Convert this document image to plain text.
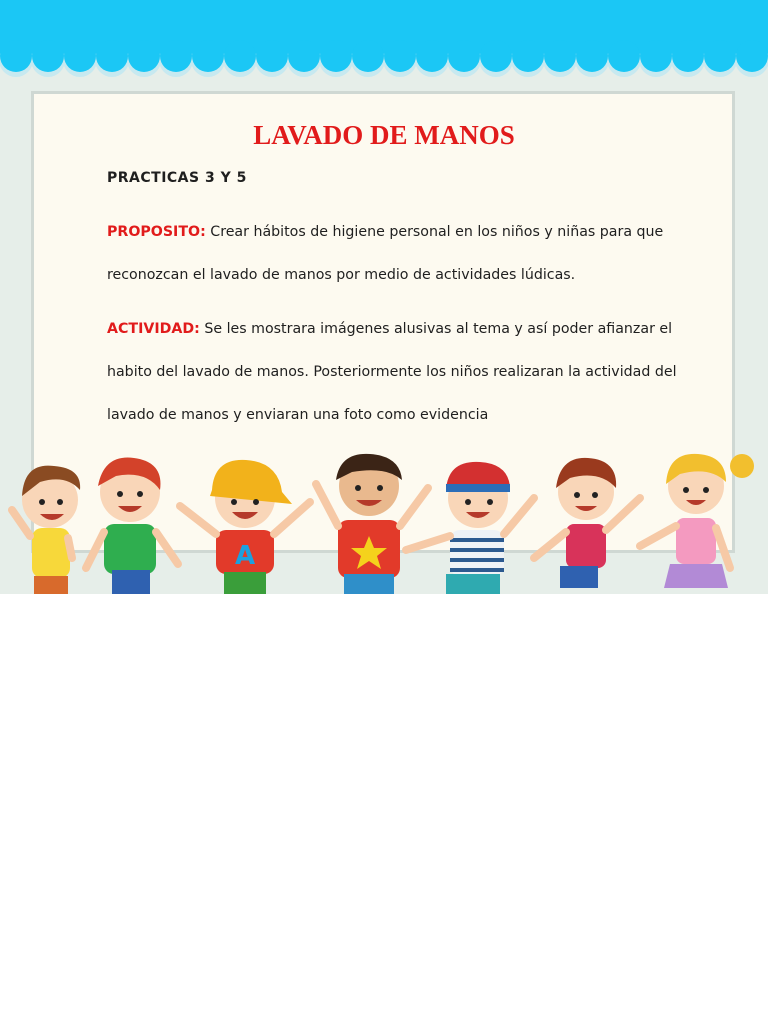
LAVADO DE MANOS
PRACTICAS 3 Y 5
PROPOSITO: Crear hábitos de higiene personal en los niños y niñas para que
reconozcan el lavado de manos por medio de actividades lúdicas.
ACTIVIDAD: Se les mostrara imágenes alusivas al tema y así poder afianzar el
habito del lavado de manos. Posteriormente los niños realizaran la actividad del
lavado de manos y enviaran una foto como evidencia
A
